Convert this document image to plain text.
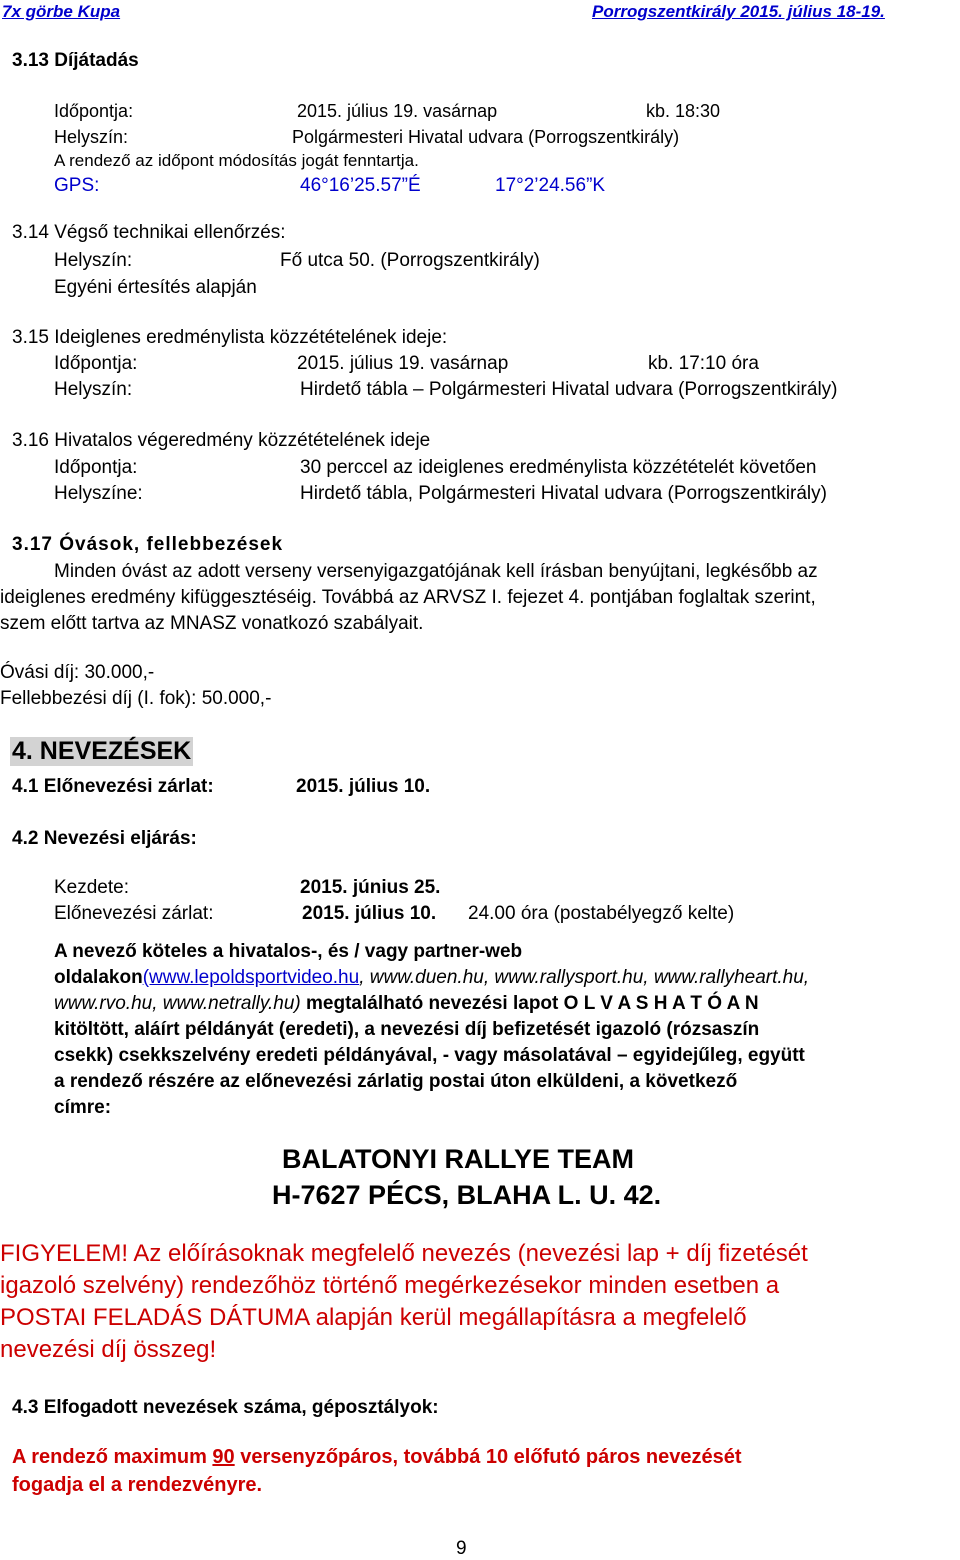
7x görbe Kupa	Porrogszentkirály 2015. július 18-19.
3.13 Díjátadás
Időpontja:	2015. július 19. vasárnap	kb. 18:30
Helyszín:	Polgármesteri Hivatal udvara (Porrogszentkirály)
A rendező az időpont módosítás jogát fenntartja.
GPS:	46°16’25.57”É	17°2’24.56”K
3.14 Végső technikai ellenőrzés:
Helyszín:	Fő utca 50. (Porrogszentkirály)
Egyéni értesítés alapján
3.15 Ideiglenes eredménylista közzétételének ideje:
Időpontja:	2015. július 19. vasárnap	kb. 17:10 óra
Helyszín:	Hirdető tábla – Polgármesteri Hivatal udvara (Porrogszentkirály)
3.16 Hivatalos végeredmény közzétételének ideje
Időpontja:	30 perccel az ideiglenes eredménylista közzétételét követően
Helyszíne:	Hirdető tábla, Polgármesteri Hivatal udvara (Porrogszentkirály)
3.17 Óvások, fellebbezések
Minden óvást az adott verseny versenyigazgatójának kell írásban benyújtani, legkésőbb az
ideiglenes eredmény kifüggesztéséig. Továbbá az ARVSZ I. fejezet 4. pontjában foglaltak szerint,
szem előtt tartva az MNASZ vonatkozó szabályait.
Óvási díj: 30.000,-
Fellebbezési díj (I. fok): 50.000,-
4. NEVEZÉSEK
4.1 Előnevezési zárlat:	2015. július 10.
4.2 Nevezési eljárás:
Kezdete:	2015. június 25.
Előnevezési zárlat:	2015. július 10. 24.00 óra (postabélyegző kelte)
A nevező köteles a hivatalos-, és / vagy partner-web
oldalakon(www.lepoldsportvideo.hu, www.duen.hu, www.rallysport.hu, www.rallyheart.hu,
www.rvo.hu, www.netrally.hu) megtalálható nevezési lapot O L V A S H A T Ó A N
kitöltött, aláírt példányát (eredeti), a nevezési díj befizetését igazoló (rózsaszín
csekk) csekkszelvény eredeti példányával, - vagy másolatával – egyidejűleg, együtt
a rendező részére az előnevezési zárlatig postai úton elküldeni, a következő
címre:
BALATONYI RALLYE TEAM
H-7627 PÉCS, BLAHA L. U. 42.
FIGYELEM! Az előírásoknak megfelelő nevezés (nevezési lap + díj fizetését
igazoló szelvény) rendezőhöz történő megérkezésekor minden esetben a
POSTAI FELADÁS DÁTUMA alapján kerül megállapításra a megfelelő
nevezési díj összeg!
4.3 Elfogadott nevezések száma, géposztályok:
A rendező maximum 90 versenyzőpáros, továbbá 10 előfutó páros nevezését
fogadja el a rendezvényre.
9
